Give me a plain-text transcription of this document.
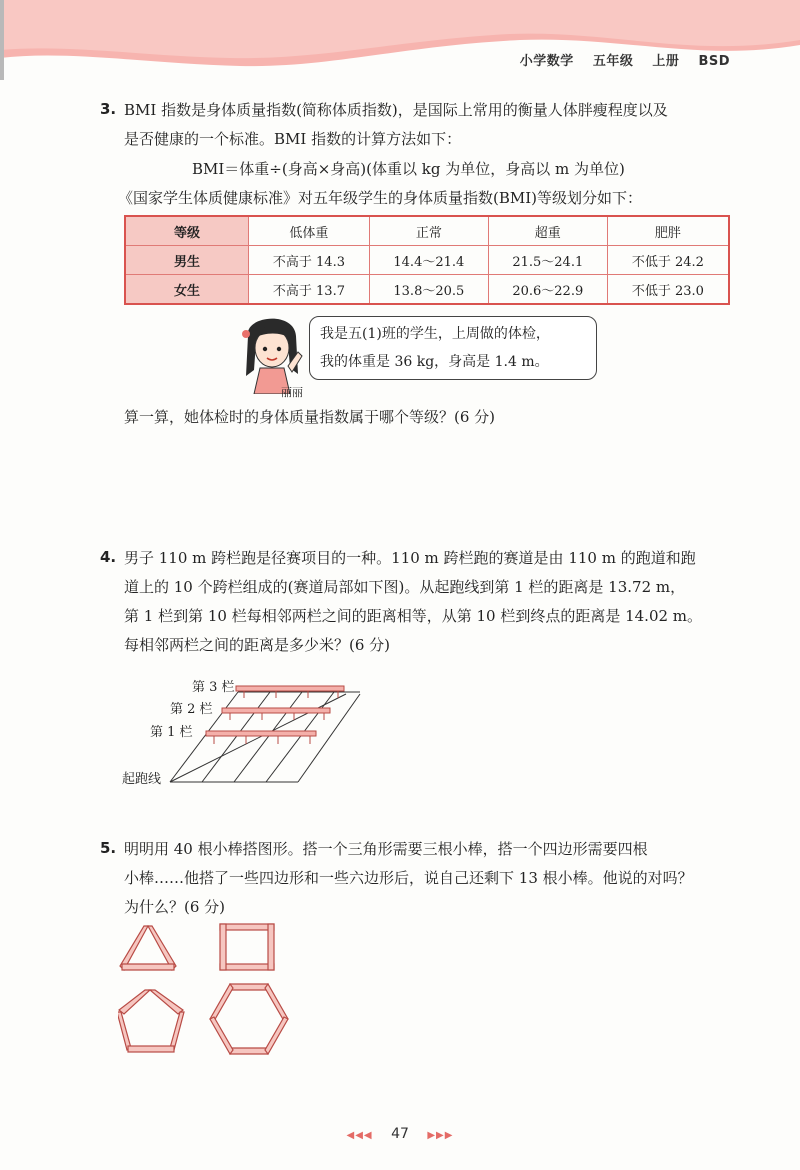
小学数学 五年级 上册 BSD
3. BMI 指数是身体质量指数(简称体质指数)，是国际上常用的衡量人体胖瘦程度以及
是否健康的一个标准。BMI 指数的计算方法如下：
BMI＝体重÷(身高×身高)(体重以 kg 为单位，身高以 m 为单位)
《国家学生体质健康标准》对五年级学生的身体质量指数(BMI)等级划分如下：
等级	低体重	正常	超重	肥胖
男生	不高于 14.3	14.4～21.4	21.5～24.1	不低于 24.2
女生	不高于 13.7	13.8～20.5	20.6～22.9	不低于 23.0
我是五(1)班的学生，上周做的体检，
我的体重是 36 kg，身高是 1.4 m。
丽丽
算一算，她体检时的身体质量指数属于哪个等级？(6 分)
4. 男子 110 m 跨栏跑是径赛项目的一种。110 m 跨栏跑的赛道是由 110 m 的跑道和跑
道上的 10 个跨栏组成的(赛道局部如下图)。从起跑线到第 1 栏的距离是 13.72 m，
第 1 栏到第 10 栏每相邻两栏之间的距离相等，从第 10 栏到终点的距离是 14.02 m。
每相邻两栏之间的距离是多少米？(6 分)
第 3 栏
第 2 栏
第 1 栏
起跑线
5. 明明用 40 根小棒搭图形。搭一个三角形需要三根小棒，搭一个四边形需要四根
小棒……他搭了一些四边形和一些六边形后，说自己还剩下 13 根小棒。他说的对吗？
为什么？(6 分)
◀◀◀ 47 ▶▶▶
